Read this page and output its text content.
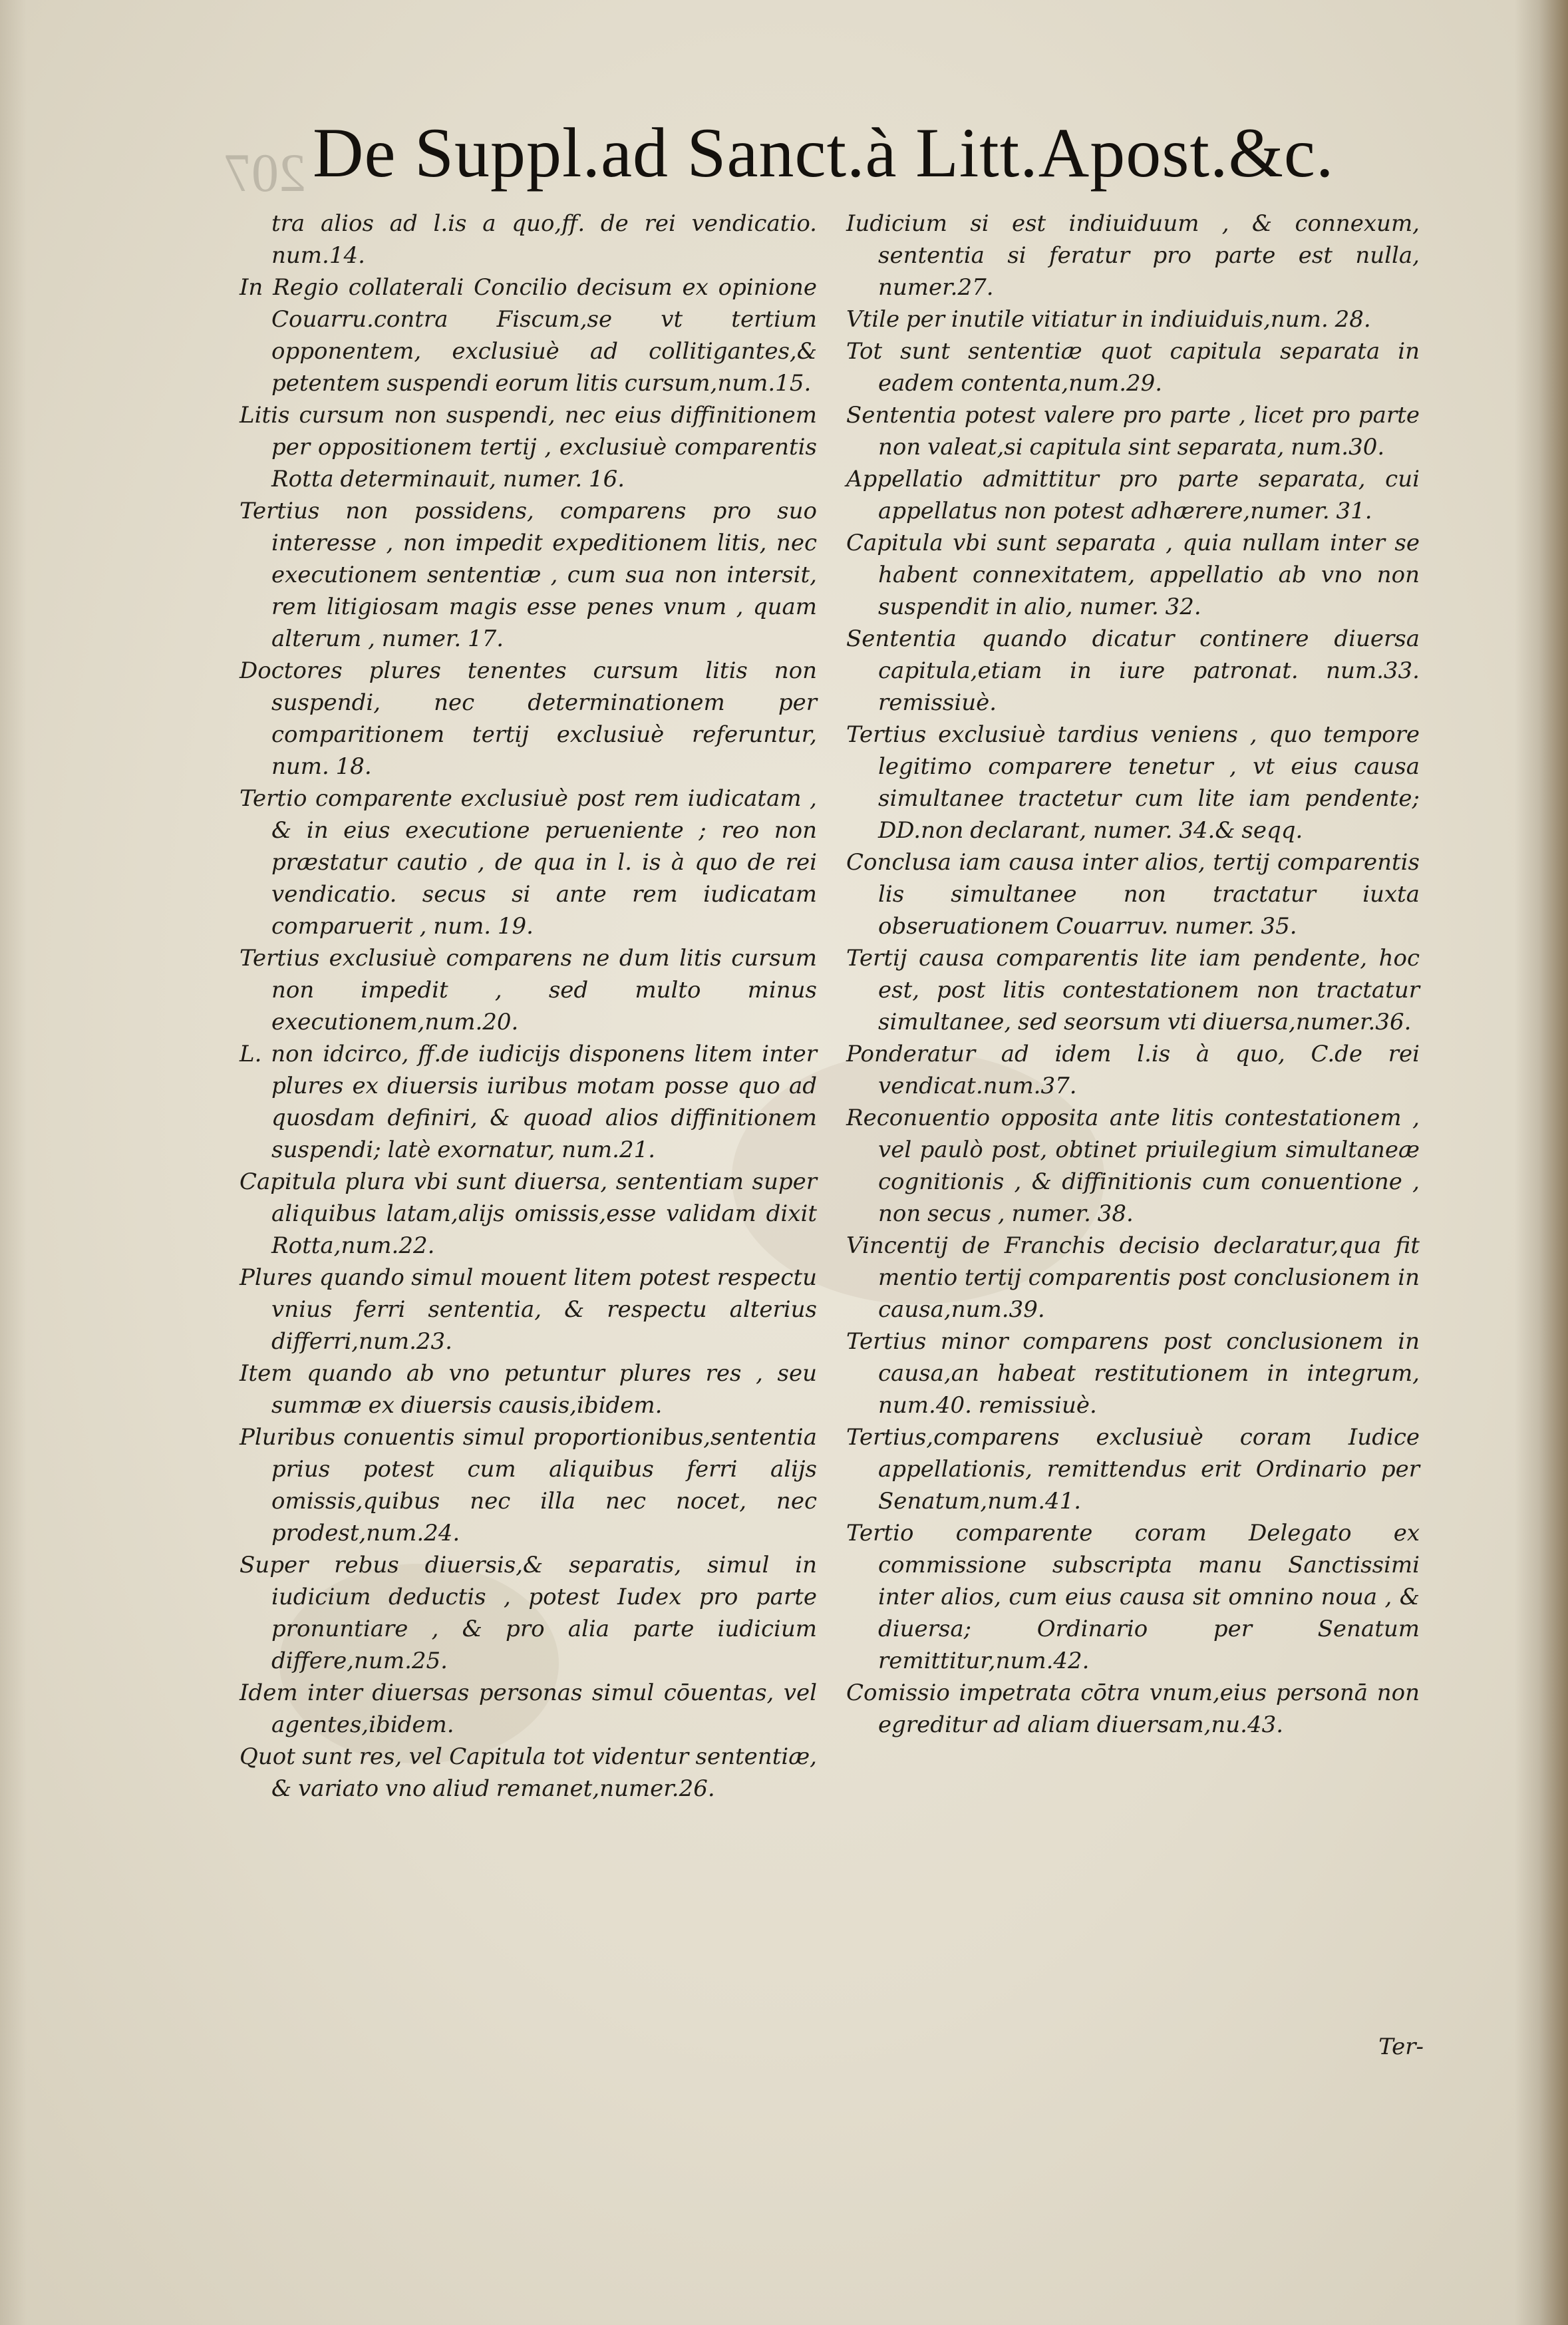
207 De Suppl.ad Sanct.à Litt.Apost.&c.

tra alios ad l.is a quo,ff. de rei vendicatio. num.14.

In Regio collaterali Concilio decisum ex opinione Couarru.contra Fiscum,se vt tertium opponentem, exclusiuè ad collitigantes,& petentem suspendi eorum litis cursum,num.15.

Litis cursum non suspendi, nec eius diffinitionem per oppositionem tertij , exclusiuè comparentis Rotta determinauit, numer. 16.

Tertius non possidens, comparens pro suo interesse , non impedit expeditionem litis, nec executionem sententiæ , cum sua non intersit, rem litigiosam magis esse penes vnum , quam alterum , numer. 17.

Doctores plures tenentes cursum litis non suspendi, nec determinationem per comparitionem tertij exclusiuè referuntur, num. 18.

Tertio comparente exclusiuè post rem iudicatam , & in eius executione perueniente ; reo non præstatur cautio , de qua in l. is à quo de rei vendicatio. secus si ante rem iudicatam comparuerit , num. 19.

Tertius exclusiuè comparens ne dum litis cursum non impedit , sed multo minus executionem,num.20.

L. non idcirco, ff.de iudicijs disponens litem inter plures ex diuersis iuribus motam posse quo ad quosdam definiri, & quoad alios diffinitionem suspendi; latè exornatur, num.21.

Capitula plura vbi sunt diuersa, sententiam super aliquibus latam,alijs omissis,esse validam dixit Rotta,num.22.

Plures quando simul mouent litem potest respectu vnius ferri sententia, & respectu alterius differri,num.23.

Item quando ab vno petuntur plures res , seu summæ ex diuersis causis,ibidem.

Pluribus conuentis simul proportionibus,sententia prius potest cum aliquibus ferri alijs omissis,quibus nec illa nec nocet, nec prodest,num.24.

Super rebus diuersis,& separatis, simul in iudicium deductis , potest Iudex pro parte pronuntiare , & pro alia parte iudicium differe,num.25.

Idem inter diuersas personas simul cōuentas, vel agentes,ibidem.

Quot sunt res, vel Capitula tot videntur sententiæ, & variato vno aliud remanet,numer.26.

Iudicium si est indiuiduum , & connexum, sententia si feratur pro parte est nulla, numer.27.

Vtile per inutile vitiatur in indiuiduis,num. 28.

Tot sunt sententiæ quot capitula separata in eadem contenta,num.29.

Sententia potest valere pro parte , licet pro parte non valeat,si capitula sint separata, num.30.

Appellatio admittitur pro parte separata, cui appellatus non potest adhærere,numer. 31.

Capitula vbi sunt separata , quia nullam inter se habent connexitatem, appellatio ab vno non suspendit in alio, numer. 32.

Sententia quando dicatur continere diuersa capitula,etiam in iure patronat. num.33. remissiuè.

Tertius exclusiuè tardius veniens , quo tempore legitimo comparere tenetur , vt eius causa simultanee tractetur cum lite iam pendente; DD.non declarant, numer. 34.& seqq.

Conclusa iam causa inter alios, tertij comparentis lis simultanee non tractatur iuxta obseruationem Couarruv. numer. 35.

Tertij causa comparentis lite iam pendente, hoc est, post litis contestationem non tractatur simultanee, sed seorsum vti diuersa,numer.36.

Ponderatur ad idem l.is à quo, C.de rei vendicat.num.37.

Reconuentio opposita ante litis contestationem , vel paulò post, obtinet priuilegium simultaneæ cognitionis , & diffinitionis cum conuentione , non secus , numer. 38.

Vincentij de Franchis decisio declaratur,qua fit mentio tertij comparentis post conclusionem in causa,num.39.

Tertius minor comparens post conclusionem in causa,an habeat restitutionem in integrum, num.40. remissiuè.

Tertius,comparens exclusiuè coram Iudice appellationis, remittendus erit Ordinario per Senatum,num.41.

Tertio comparente coram Delegato ex commissione subscripta manu Sanctissimi inter alios, cum eius causa sit omnino noua , & diuersa; Ordinario per Senatum remittitur,num.42.

Comissio impetrata cōtra vnum,eius personā non egreditur ad aliam diuersam,nu.43.

Ter-
